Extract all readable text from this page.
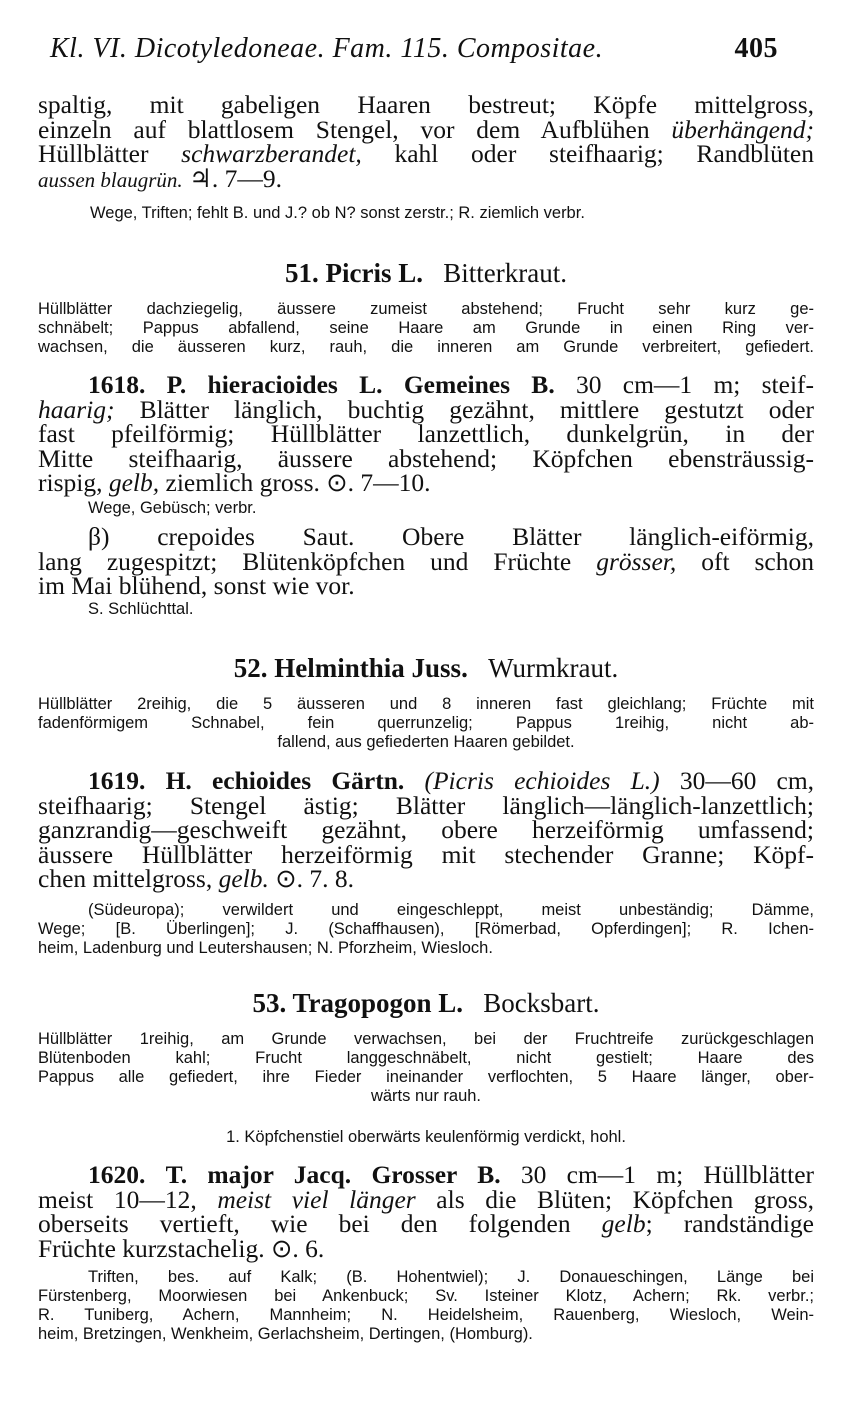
Kl. VI. Dicotyledoneae. Fam. 115. Compositae.	405
spaltig, mit gabeligen Haaren bestreut; Köpfe mittelgross,
einzeln auf blattlosem Stengel, vor dem Aufblühen überhängend;
Hüllblätter schwarzberandet, kahl oder steifhaarig; Randblüten
aussen blaugrün. ♃. 7—9.
Wege, Triften; fehlt B. und J.? ob N? sonst zerstr.; R. ziemlich verbr.
51. Picris L. Bitterkraut.
Hüllblätter dachziegelig, äussere zumeist abstehend; Frucht sehr kurz ge-
schnäbelt; Pappus abfallend, seine Haare am Grunde in einen Ring ver-
wachsen, die äusseren kurz, rauh, die inneren am Grunde verbreitert, gefiedert.
1618. P. hieracioides L. Gemeines B. 30 cm—1 m; steif-
haarig; Blätter länglich, buchtig gezähnt, mittlere gestutzt oder
fast pfeilförmig; Hüllblätter lanzettlich, dunkelgrün, in der
Mitte steifhaarig, äussere abstehend; Köpfchen ebensträussig-
rispig, gelb, ziemlich gross. ⊙. 7—10.
Wege, Gebüsch; verbr.
β) crepoides Saut. Obere Blätter länglich-eiförmig,
lang zugespitzt; Blütenköpfchen und Früchte grösser, oft schon
im Mai blühend, sonst wie vor.
S. Schlüchttal.
52. Helminthia Juss. Wurmkraut.
Hüllblätter 2reihig, die 5 äusseren und 8 inneren fast gleichlang; Früchte mit
fadenförmigem Schnabel, fein querrunzelig; Pappus 1reihig, nicht ab-
fallend, aus gefiederten Haaren gebildet.
1619. H. echioides Gärtn. (Picris echioides L.) 30—60 cm,
steifhaarig; Stengel ästig; Blätter länglich—länglich-lanzettlich;
ganzrandig—geschweift gezähnt, obere herzeiförmig umfassend;
äussere Hüllblätter herzeiförmig mit stechender Granne; Köpf-
chen mittelgross, gelb. ⊙. 7. 8.
(Südeuropa); verwildert und eingeschleppt, meist unbeständig; Dämme,
Wege; [B. Überlingen]; J. (Schaffhausen), [Römerbad, Opferdingen]; R. Ichen-
heim, Ladenburg und Leutershausen; N. Pforzheim, Wiesloch.
53. Tragopogon L. Bocksbart.
Hüllblätter 1reihig, am Grunde verwachsen, bei der Fruchtreife zurückgeschlagen
Blütenboden kahl; Frucht langgeschnäbelt, nicht gestielt; Haare des
Pappus alle gefiedert, ihre Fieder ineinander verflochten, 5 Haare länger, ober-
wärts nur rauh.
1. Köpfchenstiel oberwärts keulenförmig verdickt, hohl.
1620. T. major Jacq. Grosser B. 30 cm—1 m; Hüllblätter
meist 10—12, meist viel länger als die Blüten; Köpfchen gross,
oberseits vertieft, wie bei den folgenden gelb; randständige
Früchte kurzstachelig. ⊙. 6.
Triften, bes. auf Kalk; (B. Hohentwiel); J. Donaueschingen, Länge bei
Fürstenberg, Moorwiesen bei Ankenbuck; Sv. Isteiner Klotz, Achern; Rk. verbr.;
R. Tuniberg, Achern, Mannheim; N. Heidelsheim, Rauenberg, Wiesloch, Wein-
heim, Bretzingen, Wenkheim, Gerlachsheim, Dertingen, (Homburg).
